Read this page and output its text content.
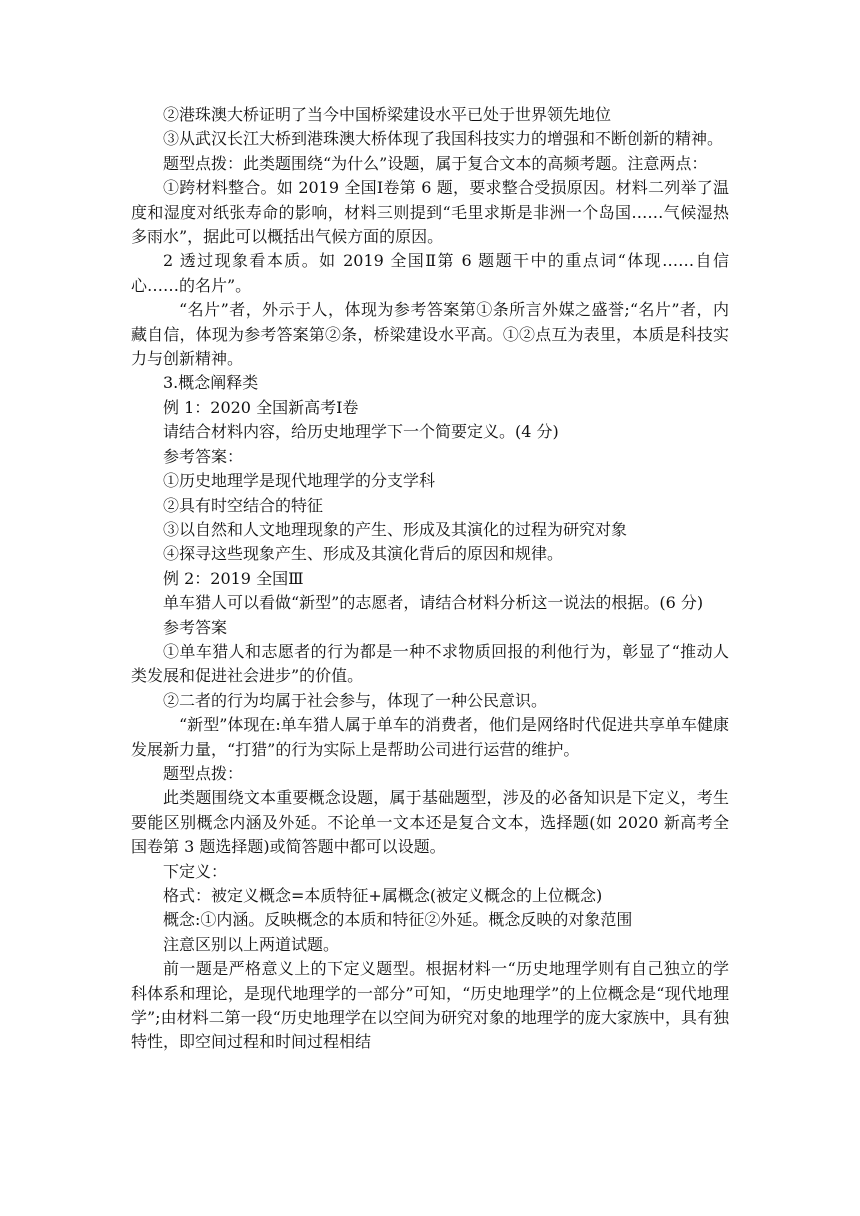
②港珠澳大桥证明了当今中国桥梁建设水平已处于世界领先地位

③从武汉长江大桥到港珠澳大桥体现了我国科技实力的增强和不断创新的精神。

题型点拨：此类题围绕“为什么”设题，属于复合文本的高频考题。注意两点：

①跨材料整合。如 2019 全国Ⅰ卷第 6 题，要求整合受损原因。材料二列举了温度和湿度对纸张寿命的影响，材料三则提到“毛里求斯是非洲一个岛国……气候湿热多雨水”，据此可以概括出气候方面的原因。

2 透过现象看本质。如 2019 全国Ⅱ第 6 题题干中的重点词“体现……自信心……的名片”。

“名片”者，外示于人，体现为参考答案第①条所言外媒之盛誉;“名片”者，内藏自信，体现为参考答案第②条，桥梁建设水平高。①②点互为表里，本质是科技实力与创新精神。

3.概念阐释类

例 1：2020 全国新高考Ⅰ卷

请结合材料内容，给历史地理学下一个简要定义。(4 分)

参考答案：

①历史地理学是现代地理学的分支学科

②具有时空结合的特征

③以自然和人文地理现象的产生、形成及其演化的过程为研究对象

④探寻这些现象产生、形成及其演化背后的原因和规律。

例 2：2019 全国Ⅲ

单车猎人可以看做“新型”的志愿者，请结合材料分析这一说法的根据。(6 分)

参考答案

①单车猎人和志愿者的行为都是一种不求物质回报的利他行为，彰显了“推动人类发展和促进社会进步”的价值。

②二者的行为均属于社会参与，体现了一种公民意识。

“新型”体现在:单车猎人属于单车的消费者，他们是网络时代促进共享单车健康发展新力量，“打猎”的行为实际上是帮助公司进行运营的维护。

题型点拨：

此类题围绕文本重要概念设题，属于基础题型，涉及的必备知识是下定义，考生要能区别概念内涵及外延。不论单一文本还是复合文本，选择题(如 2020 新高考全国卷第 3 题选择题)或简答题中都可以设题。

下定义：

格式：被定义概念=本质特征+属概念(被定义概念的上位概念)

概念:①内涵。反映概念的本质和特征②外延。概念反映的对象范围

注意区别以上两道试题。

前一题是严格意义上的下定义题型。根据材料一“历史地理学则有自己独立的学科体系和理论，是现代地理学的一部分”可知，“历史地理学”的上位概念是“现代地理学”;由材料二第一段“历史地理学在以空间为研究对象的地理学的庞大家族中，具有独特性，即空间过程和时间过程相结
